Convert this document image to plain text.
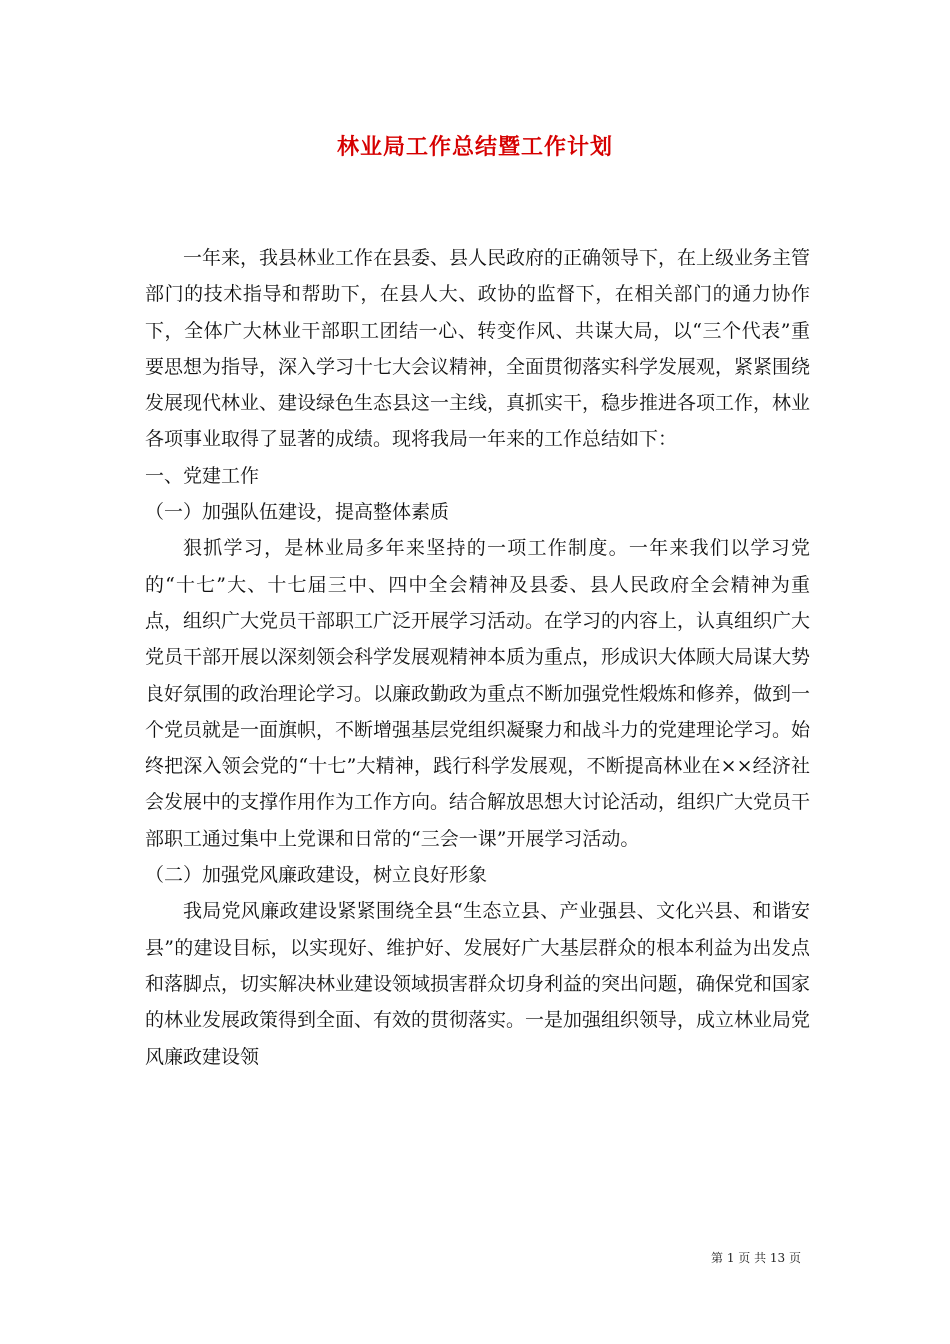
林业局工作总结暨工作计划

一年来，我县林业工作在县委、县人民政府的正确领导下，在上级业务主管部门的技术指导和帮助下，在县人大、政协的监督下，在相关部门的通力协作下，全体广大林业干部职工团结一心、转变作风、共谋大局，以“三个代表”重要思想为指导，深入学习十七大会议精神，全面贯彻落实科学发展观，紧紧围绕发展现代林业、建设绿色生态县这一主线，真抓实干，稳步推进各项工作，林业各项事业取得了显著的成绩。现将我局一年来的工作总结如下：

一、党建工作

（一）加强队伍建设，提高整体素质

狠抓学习，是林业局多年来坚持的一项工作制度。一年来我们以学习党的“十七”大、十七届三中、四中全会精神及县委、县人民政府全会精神为重点，组织广大党员干部职工广泛开展学习活动。在学习的内容上，认真组织广大党员干部开展以深刻领会科学发展观精神本质为重点，形成识大体顾大局谋大势良好氛围的政治理论学习。以廉政勤政为重点不断加强党性煅炼和修养，做到一个党员就是一面旗帜，不断增强基层党组织凝聚力和战斗力的党建理论学习。始终把深入领会党的“十七”大精神，践行科学发展观，不断提高林业在××经济社会发展中的支撑作用作为工作方向。结合解放思想大讨论活动，组织广大党员干部职工通过集中上党课和日常的“三会一课”开展学习活动。

（二）加强党风廉政建设，树立良好形象

我局党风廉政建设紧紧围绕全县“生态立县、产业强县、文化兴县、和谐安县”的建设目标，以实现好、维护好、发展好广大基层群众的根本利益为出发点和落脚点，切实解决林业建设领域损害群众切身利益的突出问题，确保党和国家的林业发展政策得到全面、有效的贯彻落实。一是加强组织领导，成立林业局党风廉政建设领

第 1 页 共 13 页
